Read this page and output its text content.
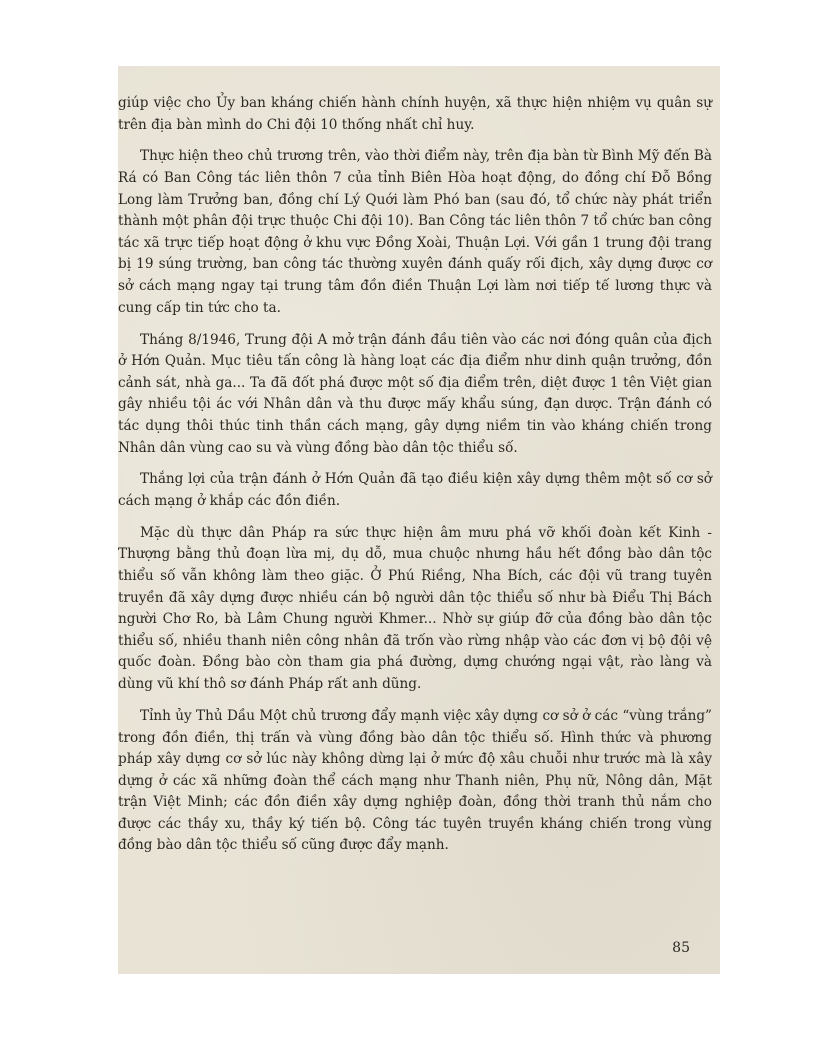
giúp việc cho Ủy ban kháng chiến hành chính huyện, xã thực hiện nhiệm vụ quân sự trên địa bàn mình do Chi đội 10 thống nhất chỉ huy.

Thực hiện theo chủ trương trên, vào thời điểm này, trên địa bàn từ Bình Mỹ đến Bà Rá có Ban Công tác liên thôn 7 của tỉnh Biên Hòa hoạt động, do đồng chí Đỗ Bồng Long làm Trưởng ban, đồng chí Lý Quới làm Phó ban (sau đó, tổ chức này phát triển thành một phân đội trực thuộc Chi đội 10). Ban Công tác liên thôn 7 tổ chức ban công tác xã trực tiếp hoạt động ở khu vực Đồng Xoài, Thuận Lợi. Với gần 1 trung đội trang bị 19 súng trường, ban công tác thường xuyên đánh quấy rối địch, xây dựng được cơ sở cách mạng ngay tại trung tâm đồn điền Thuận Lợi làm nơi tiếp tế lương thực và cung cấp tin tức cho ta.

Tháng 8/1946, Trung đội A mở trận đánh đầu tiên vào các nơi đóng quân của địch ở Hớn Quản. Mục tiêu tấn công là hàng loạt các địa điểm như dinh quận trưởng, đồn cảnh sát, nhà ga... Ta đã đốt phá được một số địa điểm trên, diệt được 1 tên Việt gian gây nhiều tội ác với Nhân dân và thu được mấy khẩu súng, đạn dược. Trận đánh có tác dụng thôi thúc tinh thần cách mạng, gây dựng niềm tin vào kháng chiến trong Nhân dân vùng cao su và vùng đồng bào dân tộc thiểu số.

Thắng lợi của trận đánh ở Hớn Quản đã tạo điều kiện xây dựng thêm một số cơ sở cách mạng ở khắp các đồn điền.

Mặc dù thực dân Pháp ra sức thực hiện âm mưu phá vỡ khối đoàn kết Kinh - Thượng bằng thủ đoạn lừa mị, dụ dỗ, mua chuộc nhưng hầu hết đồng bào dân tộc thiểu số vẫn không làm theo giặc. Ở Phú Riềng, Nha Bích, các đội vũ trang tuyên truyền đã xây dựng được nhiều cán bộ người dân tộc thiểu số như bà Điểu Thị Bách người Chơ Ro, bà Lâm Chung người Khmer... Nhờ sự giúp đỡ của đồng bào dân tộc thiểu số, nhiều thanh niên công nhân đã trốn vào rừng nhập vào các đơn vị bộ đội vệ quốc đoàn. Đồng bào còn tham gia phá đường, dựng chướng ngại vật, rào làng và dùng vũ khí thô sơ đánh Pháp rất anh dũng.

Tỉnh ủy Thủ Dầu Một chủ trương đẩy mạnh việc xây dựng cơ sở ở các “vùng trắng” trong đồn điền, thị trấn và vùng đồng bào dân tộc thiểu số. Hình thức và phương pháp xây dựng cơ sở lúc này không dừng lại ở mức độ xâu chuỗi như trước mà là xây dựng ở các xã những đoàn thể cách mạng như Thanh niên, Phụ nữ, Nông dân, Mặt trận Việt Minh; các đồn điền xây dựng nghiệp đoàn, đồng thời tranh thủ nắm cho được các thầy xu, thầy ký tiến bộ. Công tác tuyên truyền kháng chiến trong vùng đồng bào dân tộc thiểu số cũng được đẩy mạnh.

85
